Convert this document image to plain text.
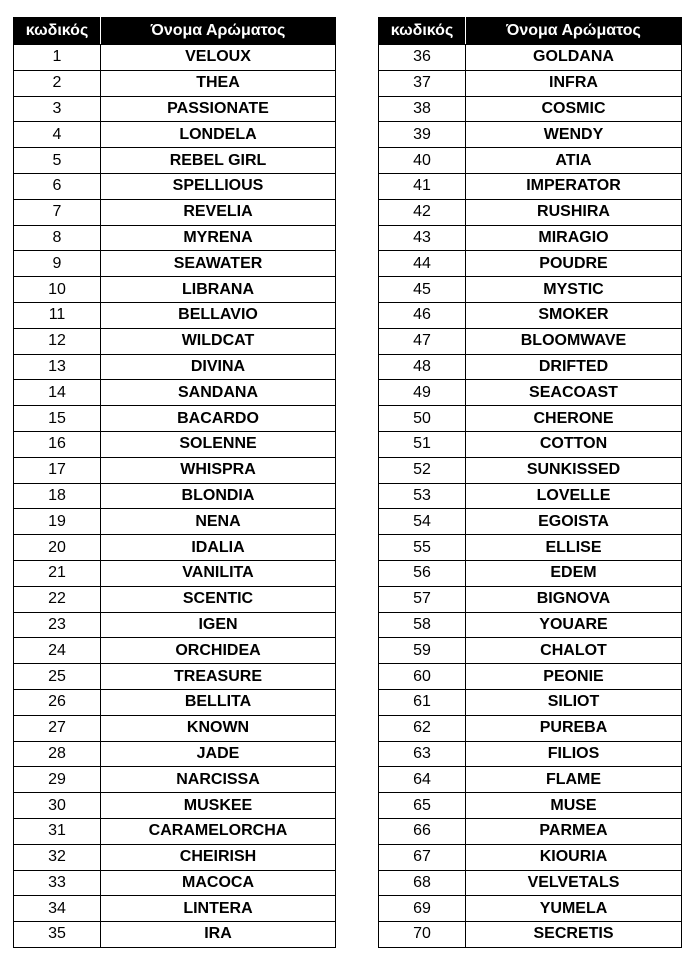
κωδικός	Όνομα Αρώματος
1	VELOUX
2	THEA
3	PASSIONATE
4	LONDELA
5	REBEL GIRL
6	SPELLIOUS
7	REVELIA
8	MYRENA
9	SEAWATER
10	LIBRANA
11	BELLAVIO
12	WILDCAT
13	DIVINA
14	SANDANA
15	BACARDO
16	SOLENNE
17	WHISPRA
18	BLONDIA
19	NENA
20	IDALIA
21	VANILITA
22	SCENTIC
23	IGEN
24	ORCHIDEA
25	TREASURE
26	BELLITA
27	KNOWN
28	JADE
29	NARCISSA
30	MUSKEE
31	CARAMELORCHA
32	CHEIRISH
33	MACOCA
34	LINTERA
35	IRA
κωδικός	Όνομα Αρώματος
36	GOLDANA
37	INFRA
38	COSMIC
39	WENDY
40	ATIA
41	IMPERATOR
42	RUSHIRA
43	MIRAGIO
44	POUDRE
45	MYSTIC
46	SMOKER
47	BLOOMWAVE
48	DRIFTED
49	SEACOAST
50	CHERONE
51	COTTON
52	SUNKISSED
53	LOVELLE
54	EGOISTA
55	ELLISE
56	EDEM
57	BIGNOVA
58	YOUARE
59	CHALOT
60	PEONIE
61	SILIOT
62	PUREBA
63	FILIOS
64	FLAME
65	MUSE
66	PARMEA
67	KIOURIA
68	VELVETALS
69	YUMELA
70	SECRETIS
